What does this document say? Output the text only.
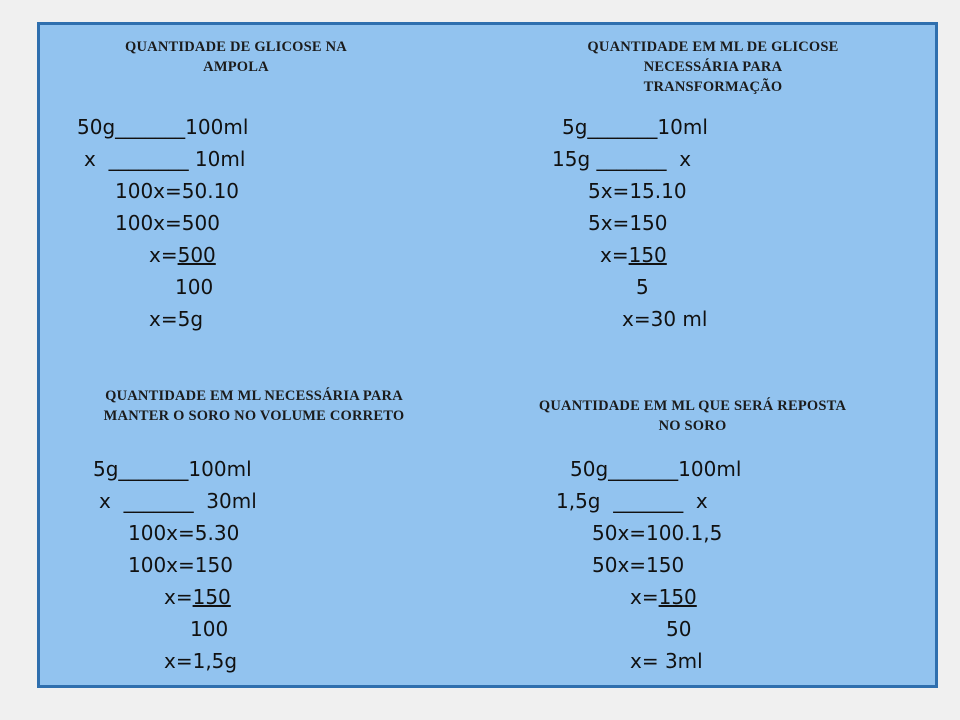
QUANTIDADE DE GLICOSE NA
AMPOLA
50g_______100ml
x  ________ 10ml
100x=50.10
100x=500
x=500
100
x=5g
QUANTIDADE EM ML DE GLICOSE
NECESSÁRIA PARA
TRANSFORMAÇÃO
5g_______10ml
15g _______  x
5x=15.10
5x=150
x=150
5
x=30 ml
QUANTIDADE EM ML NECESSÁRIA PARA
MANTER O SORO NO VOLUME CORRETO
5g_______100ml
x  _______  30ml
100x=5.30
100x=150
x=150
100
x=1,5g
QUANTIDADE EM ML QUE SERÁ REPOSTA
NO SORO
50g_______100ml
1,5g  _______  x
50x=100.1,5
50x=150
x=150
50
x= 3ml
